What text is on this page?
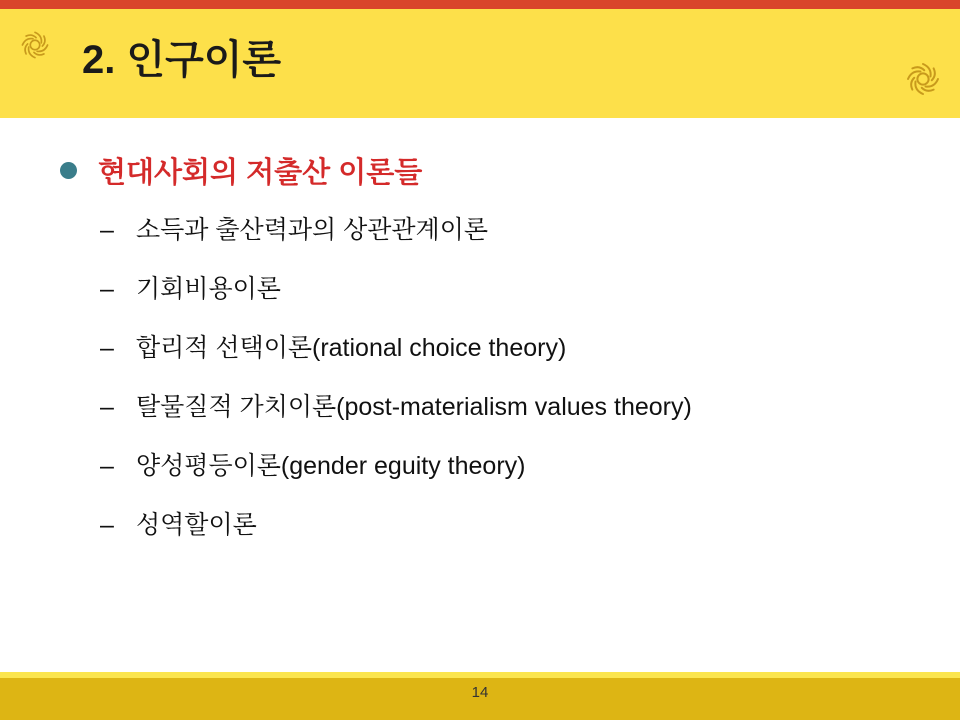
2. 인구이론
현대사회의 저출산 이론들
– 소득과 출산력과의 상관관계이론
– 기회비용이론
– 합리적 선택이론(rational choice theory)
– 탈물질적 가치이론(post-materialism values theory)
– 양성평등이론(gender eguity theory)
– 성역할이론
14
